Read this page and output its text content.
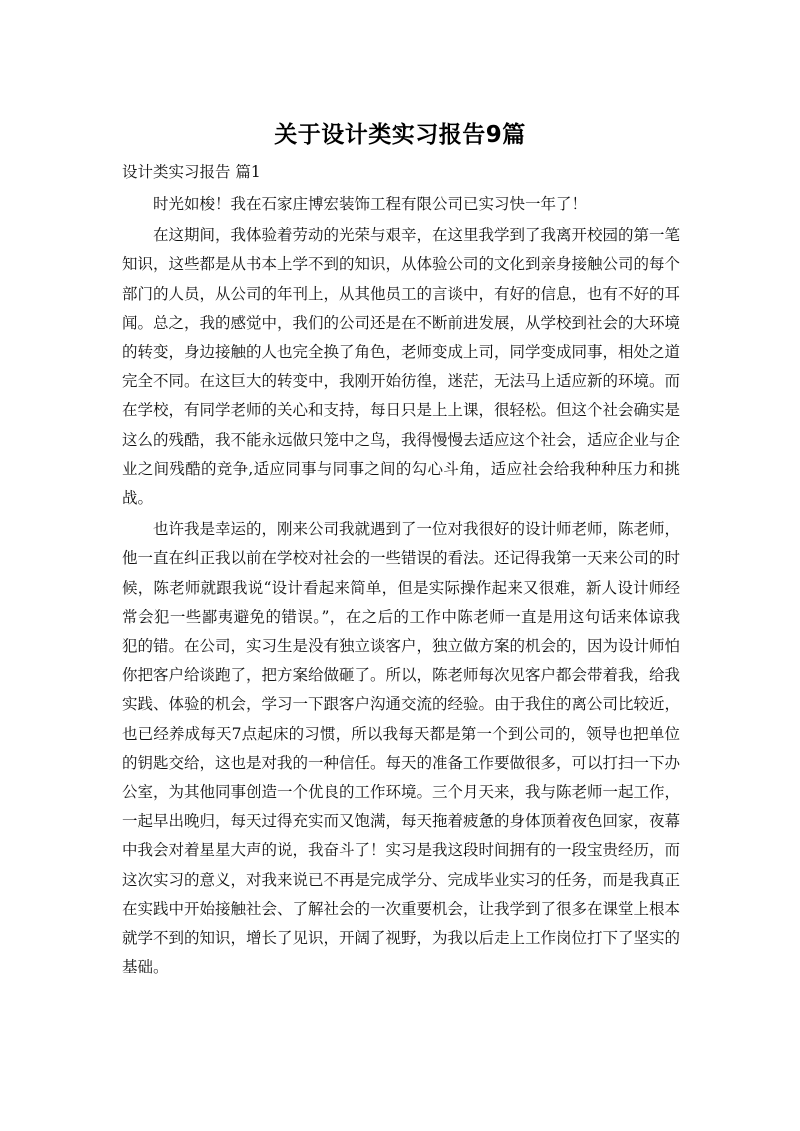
关于设计类实习报告9篇
设计类实习报告 篇1

时光如梭！我在石家庄博宏装饰工程有限公司已实习快一年了！

在这期间，我体验着劳动的光荣与艰辛，在这里我学到了我离开校园的第一笔知识，这些都是从书本上学不到的知识，从体验公司的文化到亲身接触公司的每个部门的人员，从公司的年刊上，从其他员工的言谈中，有好的信息，也有不好的耳闻。总之，我的感觉中，我们的公司还是在不断前进发展，从学校到社会的大环境的转变，身边接触的人也完全换了角色，老师变成上司，同学变成同事，相处之道完全不同。在这巨大的转变中，我刚开始彷徨，迷茫，无法马上适应新的环境。而在学校，有同学老师的关心和支持，每日只是上上课，很轻松。但这个社会确实是这么的残酷，我不能永远做只笼中之鸟，我得慢慢去适应这个社会，适应企业与企业之间残酷的竞争,适应同事与同事之间的勾心斗角，适应社会给我种种压力和挑战。

也许我是幸运的，刚来公司我就遇到了一位对我很好的设计师老师，陈老师，他一直在纠正我以前在学校对社会的一些错误的看法。还记得我第一天来公司的时候，陈老师就跟我说“设计看起来简单，但是实际操作起来又很难，新人设计师经常会犯一些鄙夷避免的错误。”，在之后的工作中陈老师一直是用这句话来体谅我犯的错。在公司，实习生是没有独立谈客户，独立做方案的机会的，因为设计师怕你把客户给谈跑了，把方案给做砸了。所以，陈老师每次见客户都会带着我，给我实践、体验的机会，学习一下跟客户沟通交流的经验。由于我住的离公司比较近，也已经养成每天7点起床的习惯，所以我每天都是第一个到公司的，领导也把单位的钥匙交给，这也是对我的一种信任。每天的准备工作要做很多，可以打扫一下办公室，为其他同事创造一个优良的工作环境。三个月天来，我与陈老师一起工作，一起早出晚归，每天过得充实而又饱满，每天拖着疲惫的身体顶着夜色回家，夜幕中我会对着星星大声的说，我奋斗了！实习是我这段时间拥有的一段宝贵经历，而这次实习的意义，对我来说已不再是完成学分、完成毕业实习的任务，而是我真正在实践中开始接触社会、了解社会的一次重要机会，让我学到了很多在课堂上根本就学不到的知识，增长了见识，开阔了视野，为我以后走上工作岗位打下了坚实的基础。
